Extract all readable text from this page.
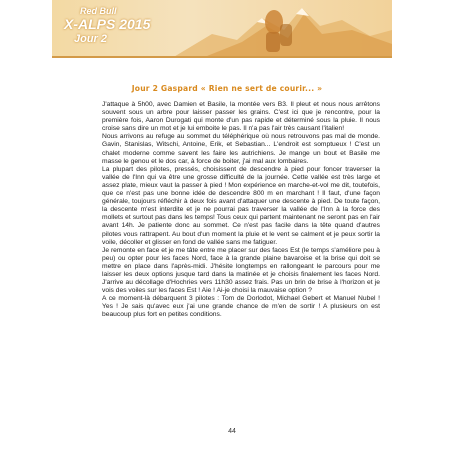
Red Bull
X-ALPS 2015
Jour 2
Jour 2 Gaspard « Rien ne sert de courir... »

J'attaque à 5h00, avec Damien et Basile, la montée vers B3. Il pleut et nous nous arrêtons souvent sous un arbre pour laisser passer les grains. C'est ici que je rencontre, pour la première fois, Aaron Durogati qui monte d'un pas rapide et déterminé sous la pluie. Il nous croise sans dire un mot et je lui emboite le pas. Il n'a pas l'air très causant l'italien!

Nous arrivons au refuge au sommet du téléphérique où nous retrouvons pas mal de monde. Gavin, Stanislas, Witschi, Antoine, Erik, et Sebastian... L'endroit est somptueux ! C'est un chalet moderne comme savent les faire les autrichiens. Je mange un bout et Basile me masse le genou et le dos car, à force de boiter, j'ai mal aux lombaires.

La plupart des pilotes, pressés, choisissent de descendre à pied pour foncer traverser la vallée de l'Inn qui va être une grosse difficulté de la journée. Cette vallée est très large et assez plate, mieux vaut la passer à pied ! Mon expérience en marche-et-vol me dit, toutefois, que ce n'est pas une bonne idée de descendre 800 m en marchant ! Il faut, d'une façon générale, toujours réfléchir à deux fois avant d'attaquer une descente à pied. De toute façon, la descente m'est interdite et je ne pourrai pas traverser la vallée de l'Inn à la force des mollets et surtout pas dans les temps! Tous ceux qui partent maintenant ne seront pas en l'air avant 14h. Je patiente donc au sommet. Ce n'est pas facile dans la tête quand d'autres pilotes vous rattrapent. Au bout d'un moment la pluie et le vent se calment et je peux sortir la voile, décoller et glisser en fond de vallée sans me fatiguer.

Je remonte en face et je me tâte entre me placer sur des faces Est (le temps s'améliore peu à peu) ou opter pour les faces Nord, face à la grande plaine bavaroise et la brise qui doit se mettre en place dans l'après-midi. J'hésite longtemps en rallongeant le parcours pour me laisser les deux options jusque tard dans la matinée et je choisis finalement les faces Nord. J'arrive au décollage d'Hochries vers 11h30 assez frais. Pas un brin de brise à l'horizon et je vois des voiles sur les faces Est ! Aie ! Ai-je choisi la mauvaise option ?

A ce moment-là débarquent 3 pilotes : Tom de Dorlodot, Michael Gebert et Manuel Nubel ! Yes ! Je sais qu'avec eux j'ai une grande chance de m'en de sortir ! A plusieurs on est beaucoup plus fort en petites conditions.

44
